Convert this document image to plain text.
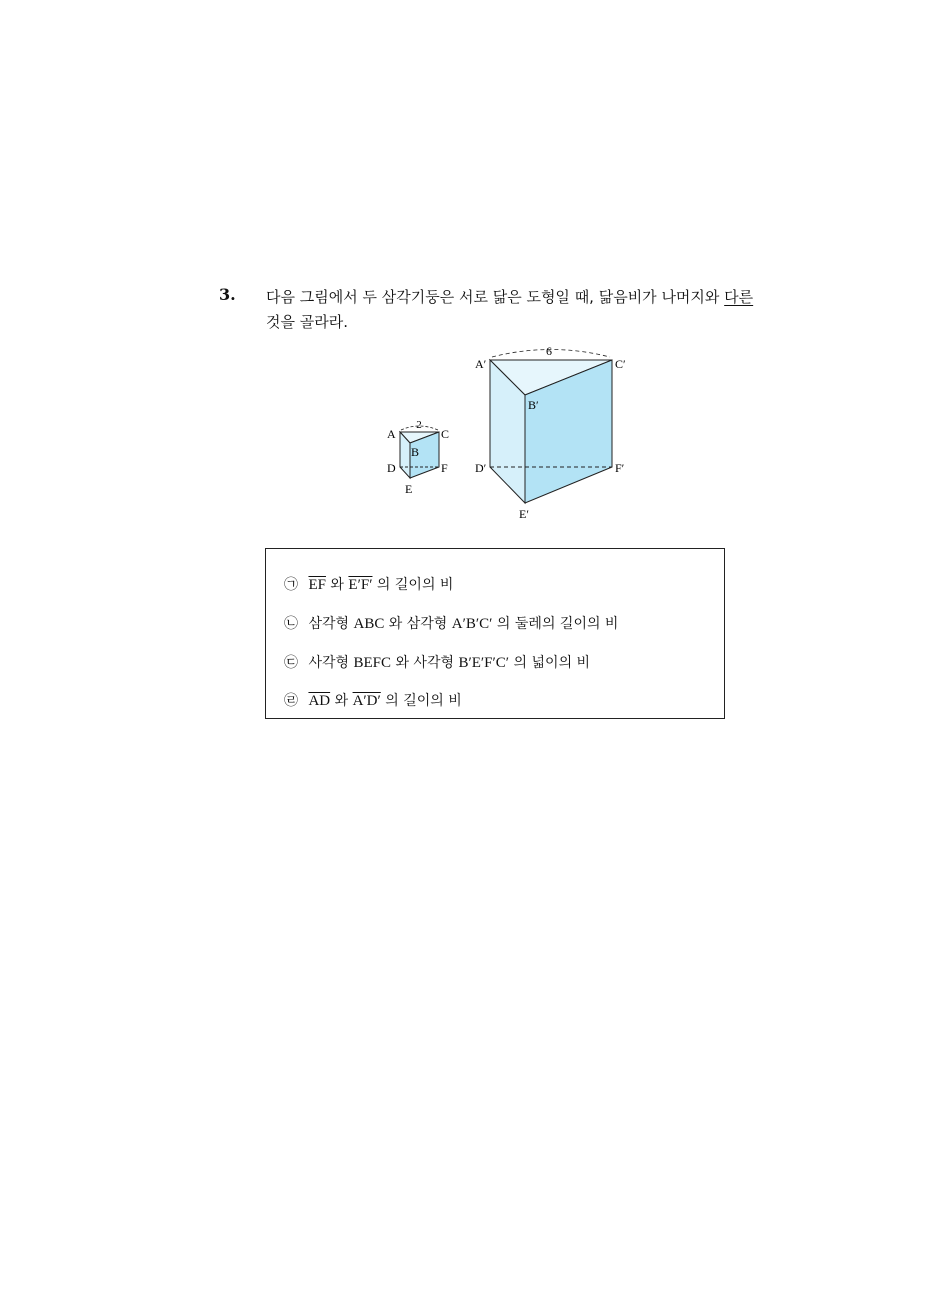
3. 다음 그림에서 두 삼각기둥은 서로 닮은 도형일 때, 닮음비가 나머지와 다른
것을 골라라.
2
A	C
B
D	F
E
6
A′	C′
B′
D′	F′
E′
㉠ $\overline{EF}$ 와 E′F′ 의 길이의 비
㉡ 삼각형 ABC 와 삼각형 A′B′C′ 의 둘레의 길이의 비
㉢ 사각형 BEFC 와 사각형 B′E′F′C′ 의 넓이의 비
㉣ $\overline{AD}$ 와 A′D′ 의 길이의 비
